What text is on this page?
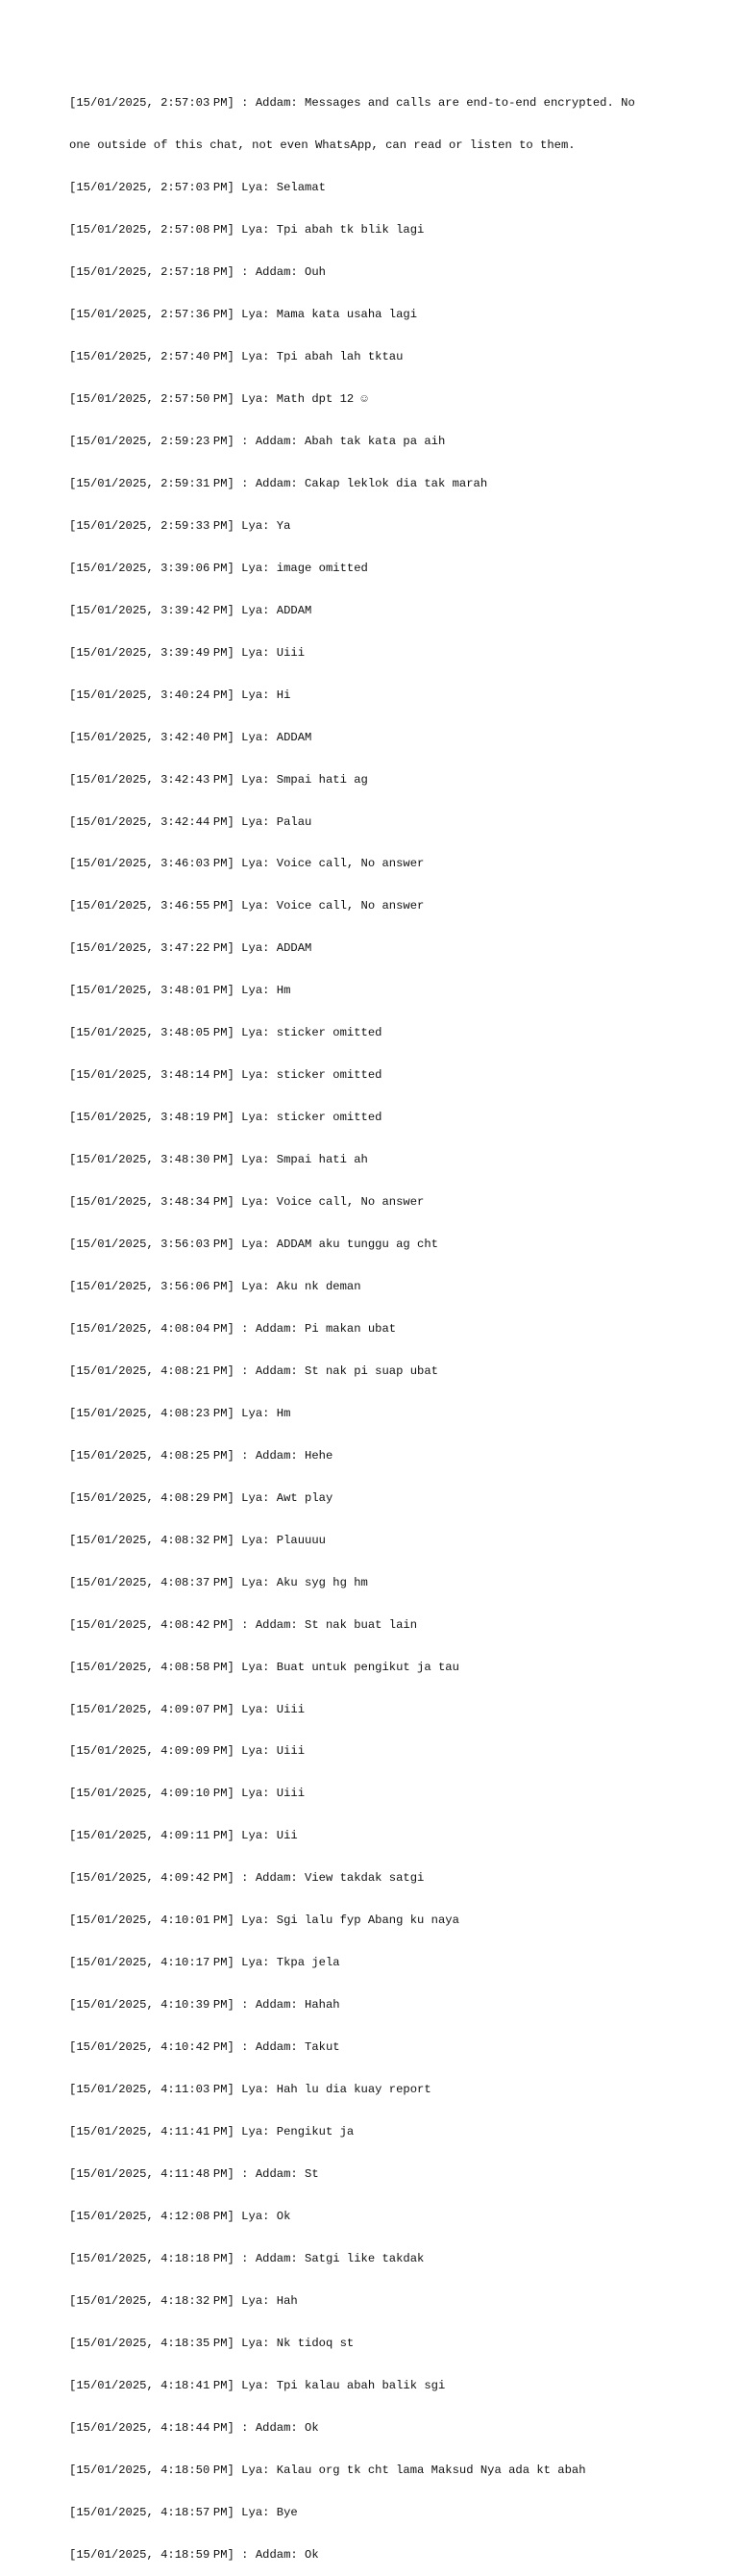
[15/01/2025, 2:57:03 PM] : Addam: Messages and calls are end-to-end encrypted. No

one outside of this chat, not even WhatsApp, can read or listen to them.

[15/01/2025, 2:57:03 PM] Lya: Selamat

[15/01/2025, 2:57:08 PM] Lya: Tpi abah tk blik lagi

[15/01/2025, 2:57:18 PM] : Addam: Ouh

[15/01/2025, 2:57:36 PM] Lya: Mama kata usaha lagi

[15/01/2025, 2:57:40 PM] Lya: Tpi abah lah tktau

[15/01/2025, 2:57:50 PM] Lya: Math dpt 12 ☺

[15/01/2025, 2:59:23 PM] : Addam: Abah tak kata pa aih

[15/01/2025, 2:59:31 PM] : Addam: Cakap leklok dia tak marah

[15/01/2025, 2:59:33 PM] Lya: Ya

[15/01/2025, 3:39:06 PM] Lya: image omitted

[15/01/2025, 3:39:42 PM] Lya: ADDAM

[15/01/2025, 3:39:49 PM] Lya: Uiii

[15/01/2025, 3:40:24 PM] Lya: Hi

[15/01/2025, 3:42:40 PM] Lya: ADDAM

[15/01/2025, 3:42:43 PM] Lya: Smpai hati ag

[15/01/2025, 3:42:44 PM] Lya: Palau

[15/01/2025, 3:46:03 PM] Lya: Voice call, No answer

[15/01/2025, 3:46:55 PM] Lya: Voice call, No answer

[15/01/2025, 3:47:22 PM] Lya: ADDAM

[15/01/2025, 3:48:01 PM] Lya: Hm

[15/01/2025, 3:48:05 PM] Lya: sticker omitted

[15/01/2025, 3:48:14 PM] Lya: sticker omitted

[15/01/2025, 3:48:19 PM] Lya: sticker omitted

[15/01/2025, 3:48:30 PM] Lya: Smpai hati ah

[15/01/2025, 3:48:34 PM] Lya: Voice call, No answer

[15/01/2025, 3:56:03 PM] Lya: ADDAM aku tunggu ag cht

[15/01/2025, 3:56:06 PM] Lya: Aku nk deman

[15/01/2025, 4:08:04 PM] : Addam: Pi makan ubat

[15/01/2025, 4:08:21 PM] : Addam: St nak pi suap ubat

[15/01/2025, 4:08:23 PM] Lya: Hm

[15/01/2025, 4:08:25 PM] : Addam: Hehe

[15/01/2025, 4:08:29 PM] Lya: Awt play

[15/01/2025, 4:08:32 PM] Lya: Plauuuu

[15/01/2025, 4:08:37 PM] Lya: Aku syg hg hm

[15/01/2025, 4:08:42 PM] : Addam: St nak buat lain

[15/01/2025, 4:08:58 PM] Lya: Buat untuk pengikut ja tau

[15/01/2025, 4:09:07 PM] Lya: Uiii

[15/01/2025, 4:09:09 PM] Lya: Uiii

[15/01/2025, 4:09:10 PM] Lya: Uiii

[15/01/2025, 4:09:11 PM] Lya: Uii

[15/01/2025, 4:09:42 PM] : Addam: View takdak satgi

[15/01/2025, 4:10:01 PM] Lya: Sgi lalu fyp Abang ku naya

[15/01/2025, 4:10:17 PM] Lya: Tkpa jela

[15/01/2025, 4:10:39 PM] : Addam: Hahah

[15/01/2025, 4:10:42 PM] : Addam: Takut

[15/01/2025, 4:11:03 PM] Lya: Hah lu dia kuay report

[15/01/2025, 4:11:41 PM] Lya: Pengikut ja

[15/01/2025, 4:11:48 PM] : Addam: St

[15/01/2025, 4:12:08 PM] Lya: Ok

[15/01/2025, 4:18:18 PM] : Addam: Satgi like takdak

[15/01/2025, 4:18:32 PM] Lya: Hah

[15/01/2025, 4:18:35 PM] Lya: Nk tidoq st

[15/01/2025, 4:18:41 PM] Lya: Tpi kalau abah balik sgi

[15/01/2025, 4:18:44 PM] : Addam: Ok

[15/01/2025, 4:18:50 PM] Lya: Kalau org tk cht lama Maksud Nya ada kt abah

[15/01/2025, 4:18:57 PM] Lya: Bye

[15/01/2025, 4:18:59 PM] : Addam: Ok
